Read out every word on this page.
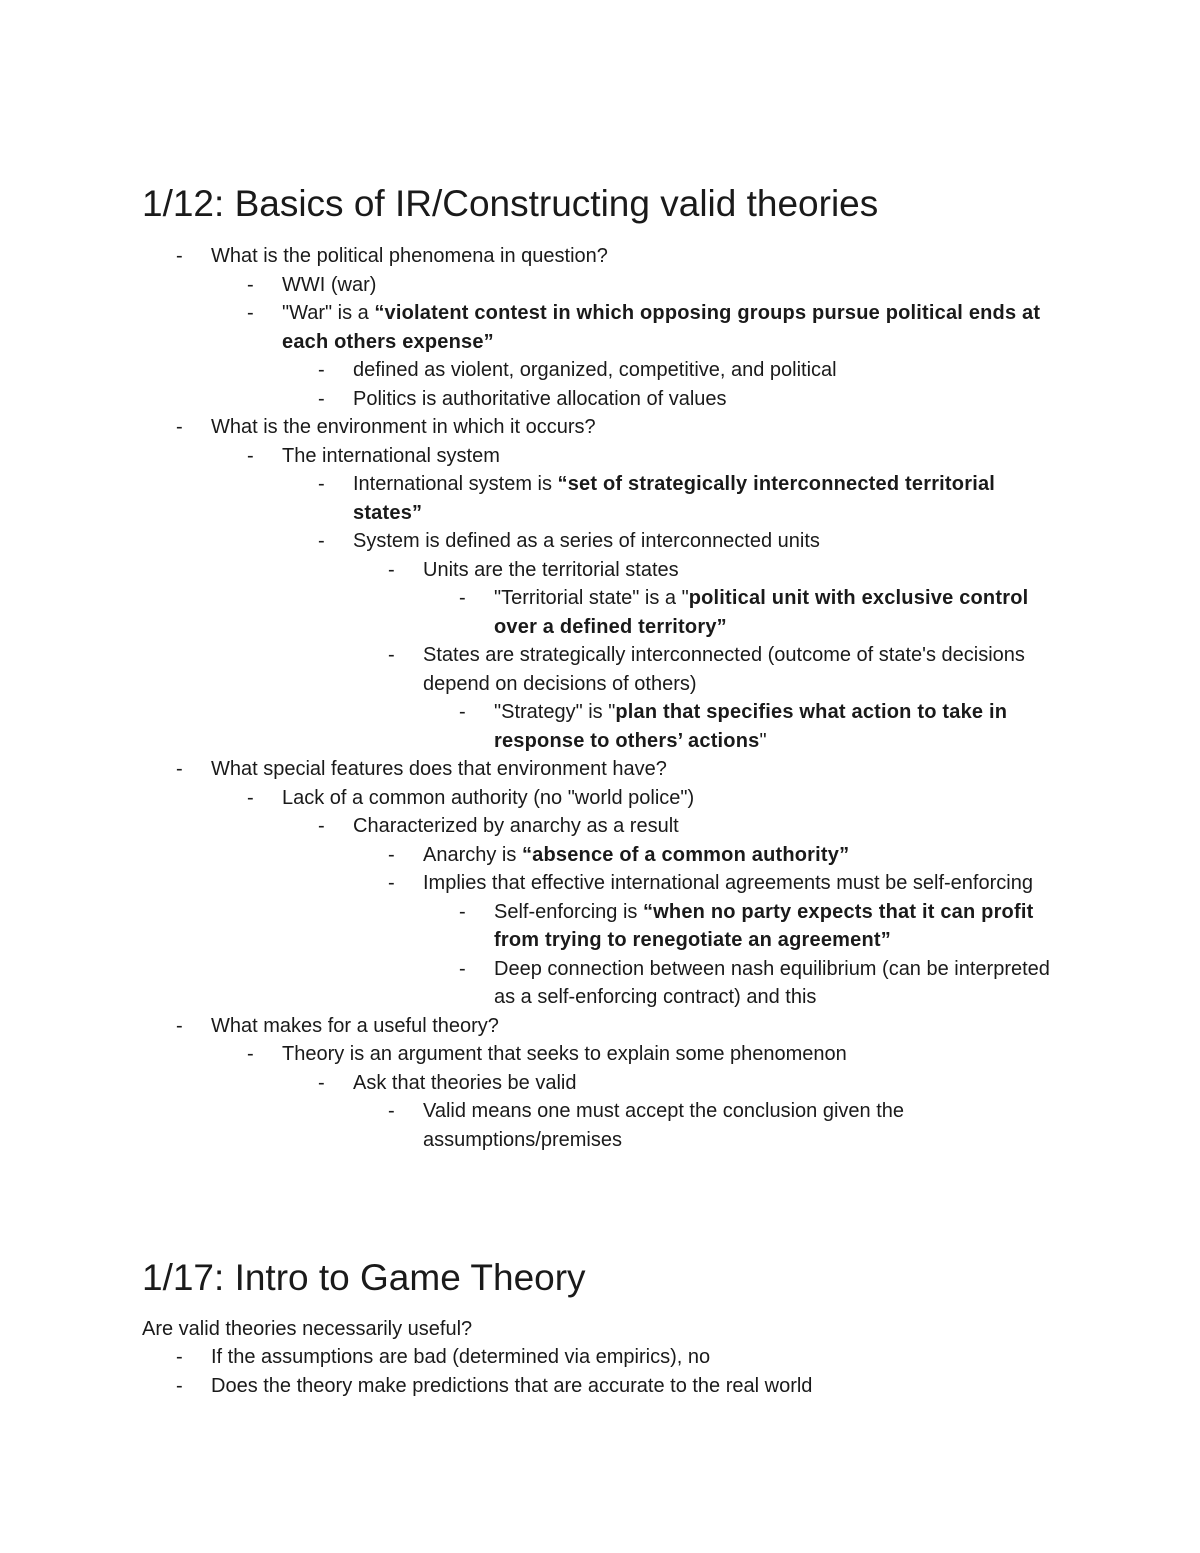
1/12: Basics of IR/Constructing valid theories
- What is the political phenomena in question?
- WWI (war)
- "War" is a “violatent contest in which opposing groups pursue political ends at each others expense”
- defined as violent, organized, competitive, and political
- Politics is authoritative allocation of values
- What is the environment in which it occurs?
- The international system
- International system is “set of strategically interconnected territorial states”
- System is defined as a series of interconnected units
- Units are the territorial states
- "Territorial state" is a "political unit with exclusive control over a defined territory”
- States are strategically interconnected (outcome of state's decisions depend on decisions of others)
- "Strategy" is "plan that specifies what action to take in response to others’ actions"
- What special features does that environment have?
- Lack of a common authority (no "world police")
- Characterized by anarchy as a result
- Anarchy is “absence of a common authority”
- Implies that effective international agreements must be self-enforcing
- Self-enforcing is “when no party expects that it can profit from trying to renegotiate an agreement”
- Deep connection between nash equilibrium (can be interpreted as a self-enforcing contract) and this
- What makes for a useful theory?
- Theory is an argument that seeks to explain some phenomenon
- Ask that theories be valid
- Valid means one must accept the conclusion given the assumptions/premises
1/17: Intro to Game Theory

Are valid theories necessarily useful?

- If the assumptions are bad (determined via empirics), no
- Does the theory make predictions that are accurate to the real world
